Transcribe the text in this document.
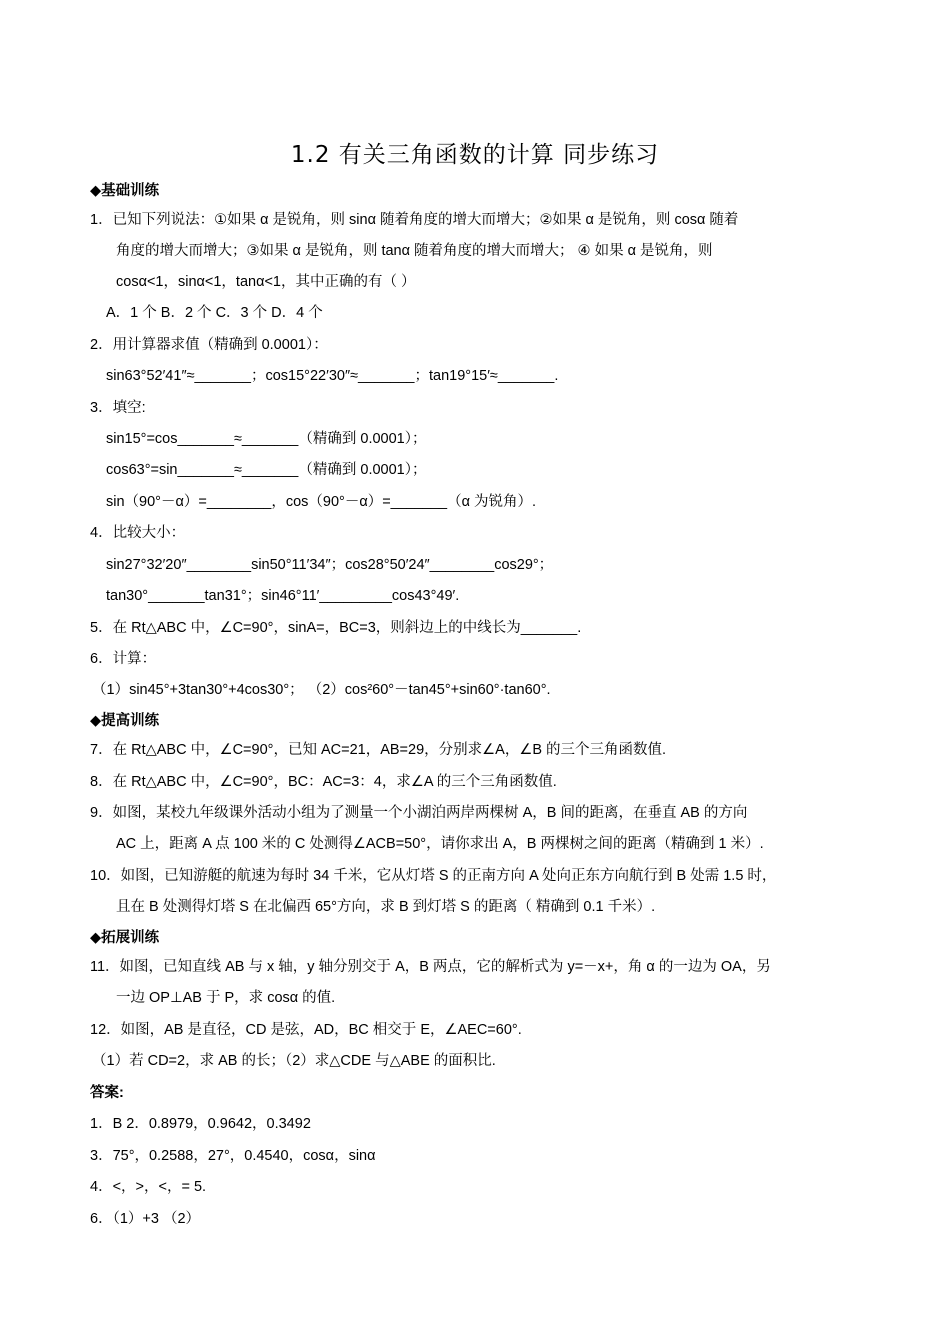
1.2 有关三角函数的计算 同步练习
◆基础训练
1．已知下列说法：①如果 α 是锐角，则 sinα 随着角度的增大而增大；②如果 α 是锐角，则 cosα 随着
角度的增大而增大；③如果 α 是锐角，则 tanα 随着角度的增大而增大； ④ 如果 α 是锐角，则
cosα<1，sinα<1，tanα<1，其中正确的有（ ）
A．1 个 B．2 个 C．3 个 D．4 个
2．用计算器求值（精确到 0.0001）：
sin63°52′41″≈_______；cos15°22′30″≈_______；tan19°15′≈_______.
3．填空:
sin15°=cos_______≈_______（精确到 0.0001）；
cos63°=sin_______≈_______（精确到 0.0001）；
sin（90°－α）=________，cos（90°－α）=_______（α 为锐角）.
4．比较大小：
sin27°32′20″________sin50°11′34″；cos28°50′24″________cos29°；
tan30°_______tan31°；sin46°11′_________cos43°49′.
5．在 Rt△ABC 中，∠C=90°，sinA=，BC=3，则斜边上的中线长为_______.
6．计算：
（1）sin45°+3tan30°+4cos30°； （2）cos²60°－tan45°+sin60°·tan60°.
◆提高训练
7．在 Rt△ABC 中，∠C=90°，已知 AC=21，AB=29，分别求∠A，∠B 的三个三角函数值.
8．在 Rt△ABC 中，∠C=90°，BC：AC=3：4，求∠A 的三个三角函数值.
9．如图，某校九年级课外活动小组为了测量一个小湖泊两岸两棵树 A，B 间的距离，在垂直 AB 的方向
AC 上，距离 A 点 100 米的 C 处测得∠ACB=50°，请你求出 A，B 两棵树之间的距离（精确到 1 米）.
10．如图，已知游艇的航速为每时 34 千米，它从灯塔 S 的正南方向 A 处向正东方向航行到 B 处需 1.5 时，
且在 B 处测得灯塔 S 在北偏西 65°方向，求 B 到灯塔 S 的距离（ 精确到 0.1 千米）.
◆拓展训练
11．如图，已知直线 AB 与 x 轴，y 轴分别交于 A，B 两点，它的解析式为 y=－x+，角 α 的一边为 OA，另
一边 OP⊥AB 于 P，求 cosα 的值.
12．如图，AB 是直径，CD 是弦，AD，BC 相交于 E，∠AEC=60°.
（1）若 CD=2，求 AB 的长；（2）求△CDE 与△ABE 的面积比.
答案:
1．B 2．0.8979，0.9642，0.3492
3．75°，0.2588，27°，0.4540，cosα，sinα
4．<，>，<，= 5.
6．（1）+3 （2）
